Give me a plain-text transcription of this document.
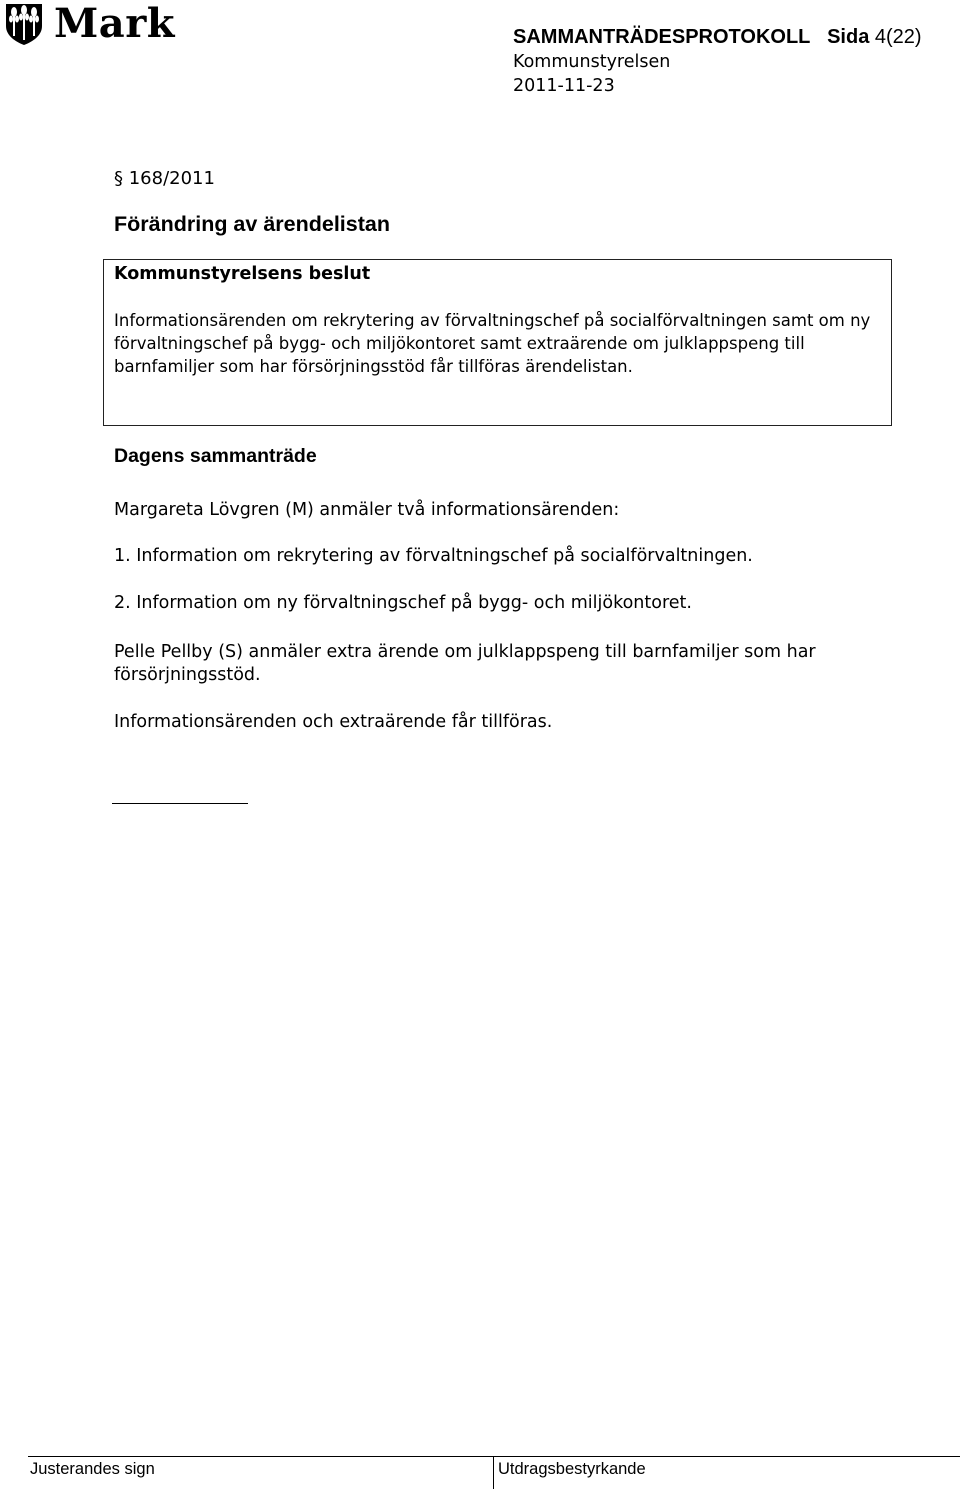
Mark	SAMMANTRÄDESPROTOKOLL Sida 4(22)
Kommunstyrelsen
2011-11-23
§ 168/2011
Förändring av ärendelistan
Kommunstyrelsens beslut

Informationsärenden om rekrytering av förvaltningschef på socialförvaltningen samt om ny förvaltningschef på bygg- och miljökontoret samt extraärende om julklappspeng till barnfamiljer som har försörjningsstöd får tillföras ärendelistan.

Dagens sammanträde

Margareta Lövgren (M) anmäler två informationsärenden:

1. Information om rekrytering av förvaltningschef på socialförvaltningen.

2. Information om ny förvaltningschef på bygg- och miljökontoret.

Pelle Pellby (S) anmäler extra ärende om julklappspeng till barnfamiljer som har försörjningsstöd.

Informationsärenden och extraärende får tillföras.

Justerandes sign	Utdragsbestyrkande
